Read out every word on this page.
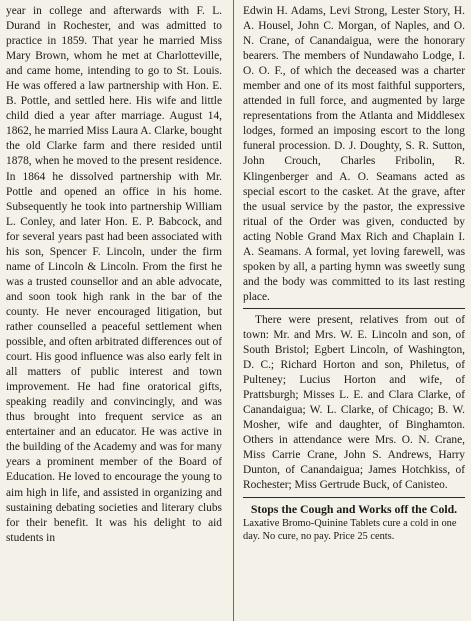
year in college and afterwards with F. L. Durand in Rochester, and was admitted to practice in 1859. That year he married Miss Mary Brown, whom he met at Charlotteville, and came home, intending to go to St. Louis. He was offered a law partnership with Hon. E. B. Pottle, and settled here. His wife and little child died a year after marriage. August 14, 1862, he married Miss Laura A. Clarke, bought the old Clarke farm and there resided until 1878, when he moved to the present residence. In 1864 he dissolved partnership with Mr. Pottle and opened an office in his home. Subsequently he took into partnership William L. Conley, and later Hon. E. P. Babcock, and for several years past had been associated with his son, Spencer F. Lincoln, under the firm name of Lincoln & Lincoln. From the first he was a trusted counsellor and an able advocate, and soon took high rank in the bar of the county. He never encouraged litigation, but rather counselled a peaceful settlement when possible, and often arbitrated differences out of court. His good influence was also early felt in all matters of public interest and town improvement. He had fine oratorical gifts, speaking readily and convincingly, and was thus brought into frequent service as an entertainer and an educator. He was active in the building of the Academy and was for many years a prominent member of the Board of Education. He loved to encourage the young to aim high in life, and assisted in organizing and sustaining debating societies and literary clubs for their benefit. It was his delight to aid students in

Edwin H. Adams, Levi Strong, Lester Story, H. A. Housel, John C. Morgan, of Naples, and O. N. Crane, of Canandaigua, were the honorary bearers. The members of Nundawaho Lodge, I. O. O. F., of which the deceased was a charter member and one of its most faithful supporters, attended in full force, and augmented by large representations from the Atlanta and Middlesex lodges, formed an imposing escort to the long funeral procession. D. J. Doughty, S. R. Sutton, John Crouch, Charles Fribolin, R. Klingenberger and A. O. Seamans acted as special escort to the casket. At the grave, after the usual service by the pastor, the expressive ritual of the Order was given, conducted by acting Noble Grand Max Rich and Chaplain I. A. Seamans. A formal, yet loving farewell, was spoken by all, a parting hymn was sweetly sung and the body was committed to its last resting place.

There were present, relatives from out of town: Mr. and Mrs. W. E. Lincoln and son, of South Bristol; Egbert Lincoln, of Washington, D. C.; Richard Horton and son, Philetus, of Pulteney; Lucius Horton and wife, of Prattsburgh; Misses L. E. and Clara Clarke, of Canandaigua; W. L. Clarke, of Chicago; B. W. Mosher, wife and daughter, of Binghamton. Others in attendance were Mrs. O. N. Crane, Miss Carrie Crane, John S. Andrews, Harry Dunton, of Canandaigua; James Hotchkiss, of Rochester; Miss Gertrude Buck, of Canisteo.

Stops the Cough and Works off the Cold.

Laxative Bromo-Quinine Tablets cure a cold in one day. No cure, no pay. Price 25 cents.
